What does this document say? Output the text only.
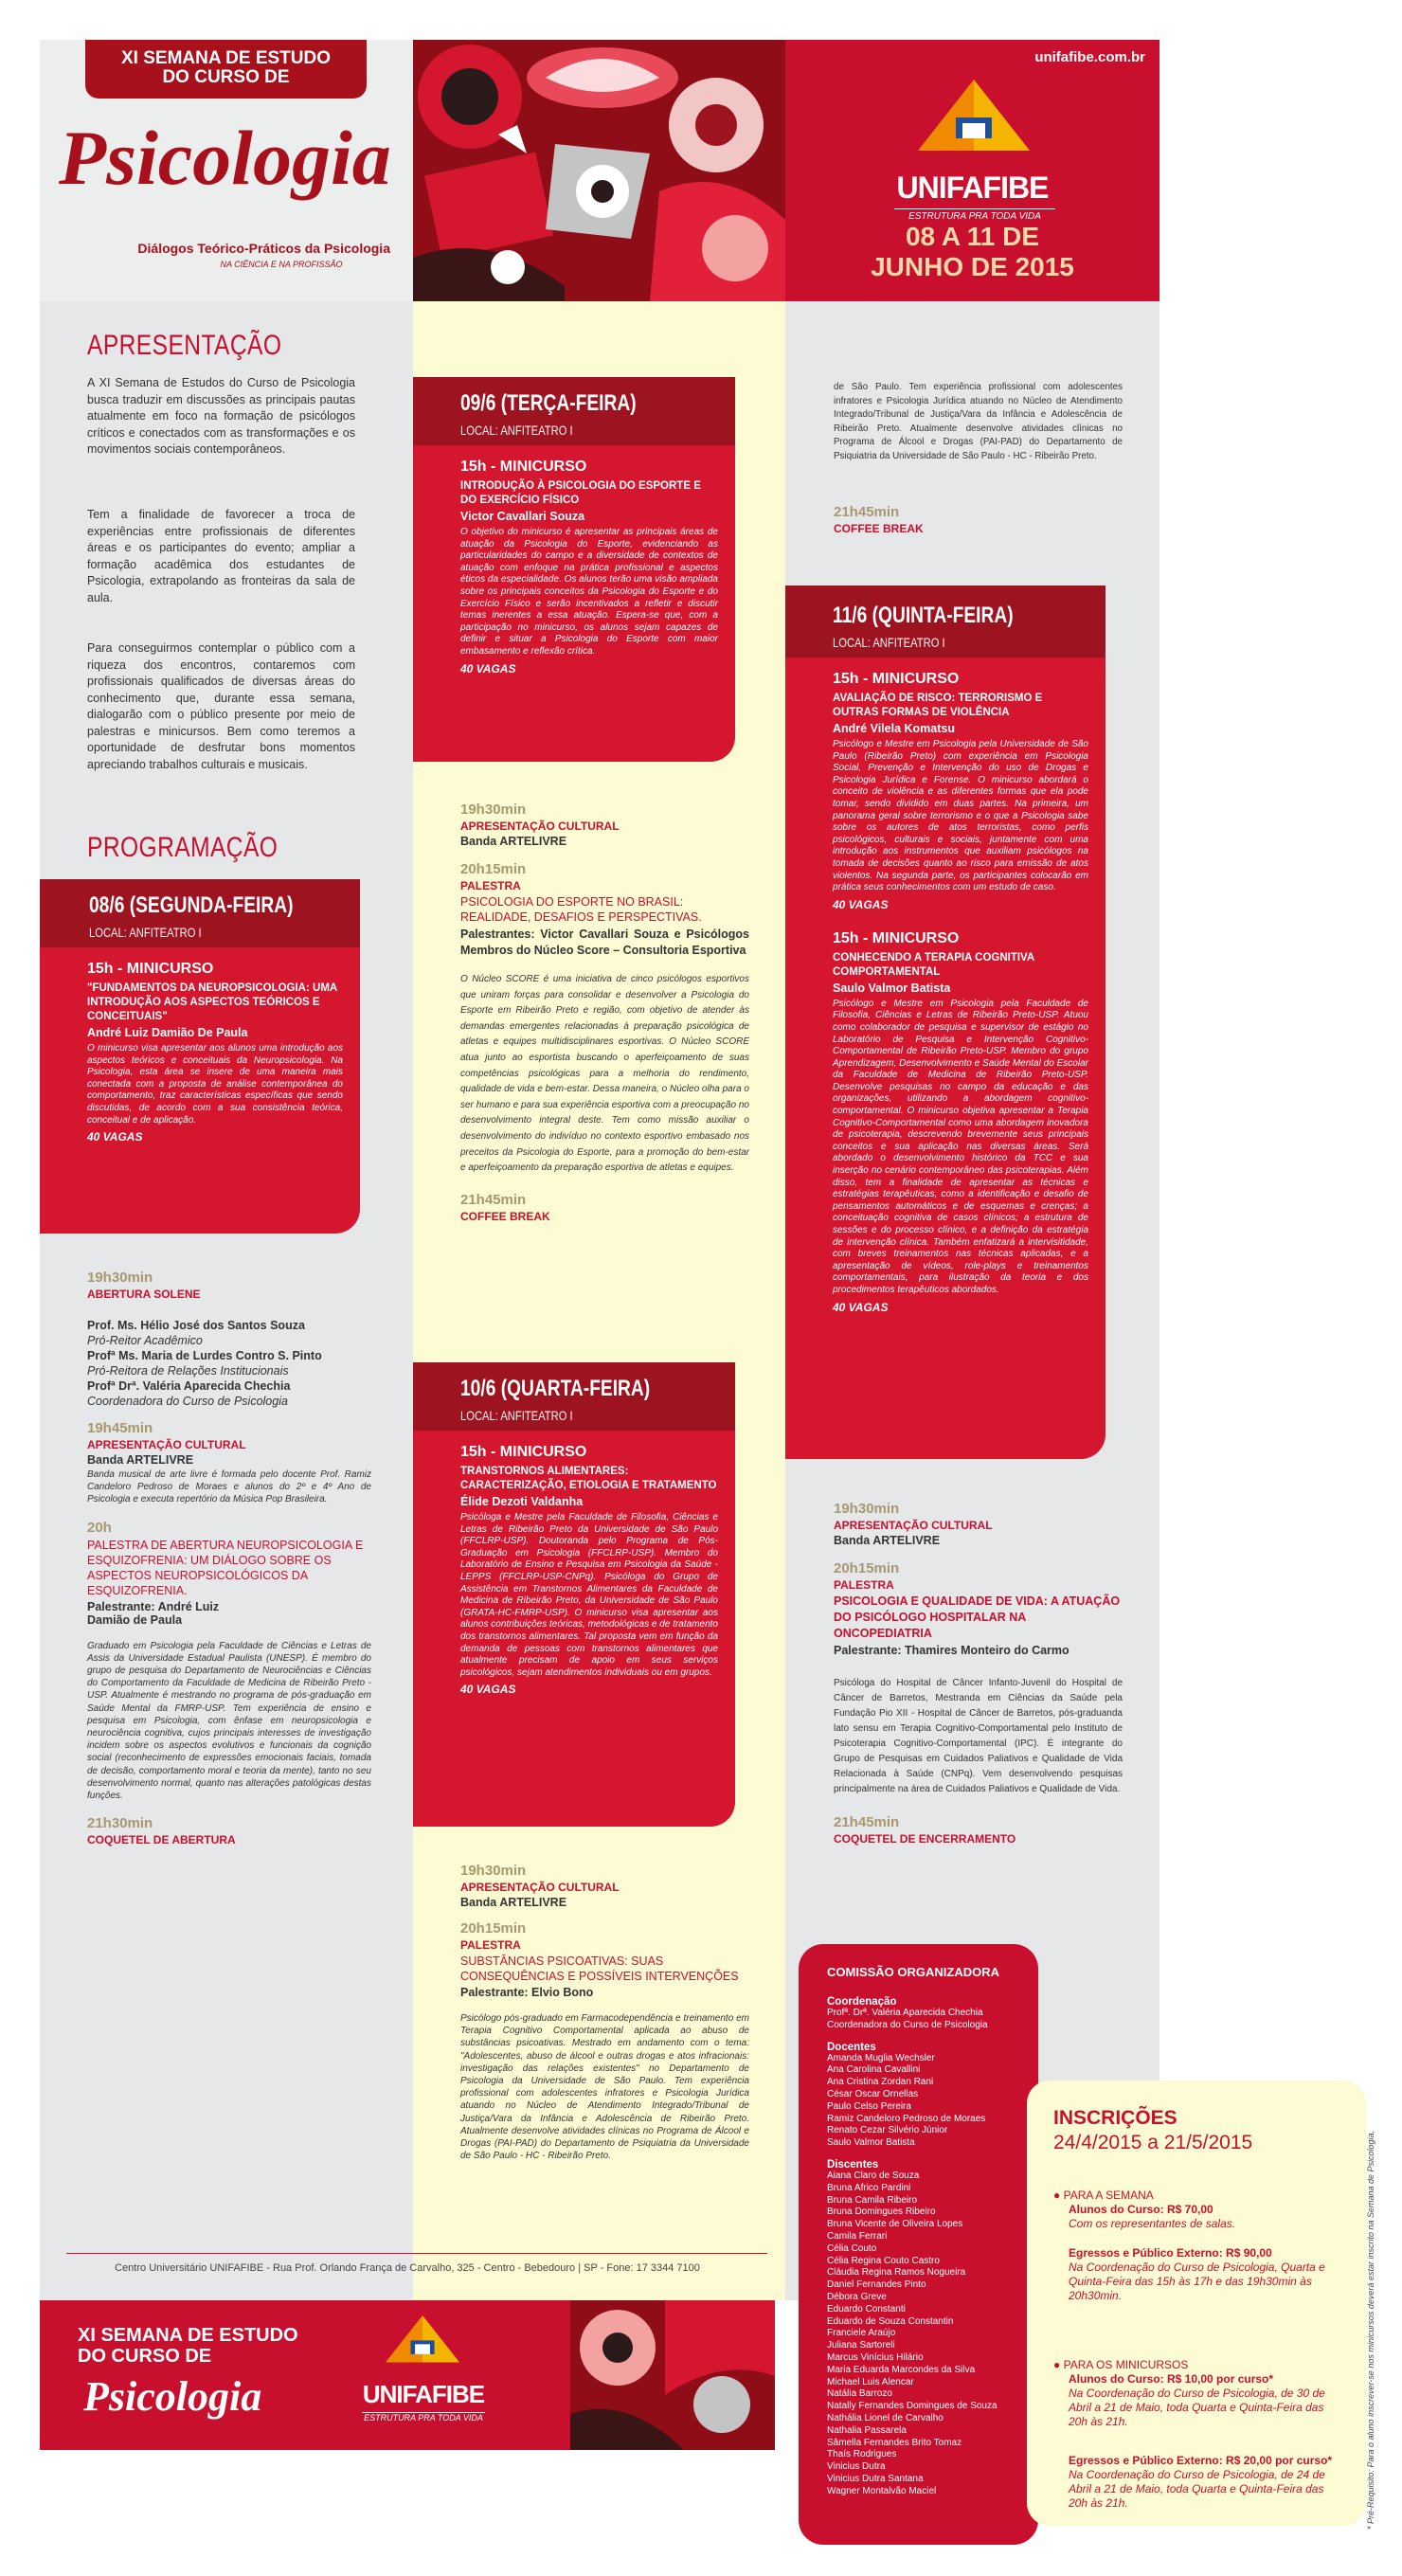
XI SEMANA DE ESTUDO
DO CURSO DE
Psicologia
Diálogos Teórico-Práticos da Psicologia
NA CIÊNCIA E NA PROFISSÃO
unifafibe.com.br
UNIFAFIBE
ESTRUTURA PRA TODA VIDA
08 A 11 DE
JUNHO DE 2015
APRESENTAÇÃO
A XI Semana de Estudos do Curso de Psicologia busca traduzir em discussões as principais pautas atualmente em foco na formação de psicólogos críticos e conectados com as transformações e os movimentos sociais contemporâneos.
Tem a finalidade de favorecer a troca de experiências entre profissionais de diferentes áreas e os participantes do evento; ampliar a formação acadêmica dos estudantes de Psicologia, extrapolando as fronteiras da sala de aula.
Para conseguirmos contemplar o público com a riqueza dos encontros, contaremos com profissionais qualificados de diversas áreas do conhecimento que, durante essa semana, dialogarão com o público presente por meio de palestras e minicursos. Bem como teremos a oportunidade de desfrutar bons momentos apreciando trabalhos culturais e musicais.
PROGRAMAÇÃO
08/6 (SEGUNDA-FEIRA)
LOCAL: ANFITEATRO I
15h - MINICURSO
"FUNDAMENTOS DA NEUROPSICOLOGIA: UMA INTRODUÇÃO AOS ASPECTOS TEÓRICOS E CONCEITUAIS"
André Luiz Damião De Paula
O minicurso visa apresentar aos alunos uma introdução aos aspectos teóricos e conceituais da Neuropsicologia. Na Psicologia, esta área se insere de uma maneira mais conectada com a proposta de análise contemporânea do comportamento, traz características específicas que sendo discutidas, de acordo com a sua consistência teórica, conceitual e de aplicação.
40 VAGAS
19h30min
ABERTURA SOLENE
Prof. Ms. Hélio José dos Santos Souza
Pró-Reitor Acadêmico
Profª Ms. Maria de Lurdes Contro S. Pinto
Pró-Reitora de Relações Institucionais
Profª Drª. Valéria Aparecida Chechia
Coordenadora do Curso de Psicologia
19h45min
APRESENTAÇÃO CULTURAL
Banda ARTELIVRE
Banda musical de arte livre é formada pelo docente Prof. Ramiz Candeloro Pedroso de Moraes e alunos do 2º e 4º Ano de Psicologia e executa repertório da Música Pop Brasileira.
20h
PALESTRA DE ABERTURA NEUROPSICOLOGIA E ESQUIZOFRENIA: UM DIÁLOGO SOBRE OS ASPECTOS NEUROPSICOLÓGICOS DA ESQUIZOFRENIA.
Palestrante: André Luiz Damião de Paula
Graduado em Psicologia pela Faculdade de Ciências e Letras de Assis da Universidade Estadual Paulista (UNESP). É membro do grupo de pesquisa do Departamento de Neurociências e Ciências do Comportamento da Faculdade de Medicina de Ribeirão Preto - USP. Atualmente é mestrando no programa de pós-graduação em Saúde Mental da FMRP-USP. Tem experiência de ensino e pesquisa em Psicologia, com ênfase em neuropsicologia e neurociência cognitiva, cujos principais interesses de investigação incidem sobre os aspectos evolutivos e funcionais da cognição social (reconhecimento de expressões emocionais faciais, tomada de decisão, comportamento moral e teoria da mente), tanto no seu desenvolvimento normal, quanto nas alterações patológicas destas funções.
21h30min
COQUETEL DE ABERTURA
09/6 (TERÇA-FEIRA)
LOCAL: ANFITEATRO I
15h - MINICURSO
INTRODUÇÃO À PSICOLOGIA DO ESPORTE E DO EXERCÍCIO FÍSICO
Victor Cavallari Souza
O objetivo do minicurso é apresentar as principais áreas de atuação da Psicologia do Esporte, evidenciando as particularidades do campo e a diversidade de contextos de atuação com enfoque na prática profissional e aspectos éticos da especialidade. Os alunos terão uma visão ampliada sobre os principais conceitos da Psicologia do Esporte e do Exercício Físico e serão incentivados a refletir e discutir temas inerentes a essa atuação. Espera-se que, com a participação no minicurso, os alunos sejam capazes de definir e situar a Psicologia do Esporte com maior embasamento e reflexão crítica.
40 VAGAS
19h30min
APRESENTAÇÃO CULTURAL
Banda ARTELIVRE
20h15min
PALESTRA
PSICOLOGIA DO ESPORTE NO BRASIL: REALIDADE, DESAFIOS E PERSPECTIVAS.
Palestrantes: Victor Cavallari Souza e Psicólogos Membros do Núcleo Score – Consultoria Esportiva
O Núcleo SCORE é uma iniciativa de cinco psicólogos esportivos que uniram forças para consolidar e desenvolver a Psicologia do Esporte em Ribeirão Preto e região, com objetivo de atender às demandas emergentes relacionadas à preparação psicológica de atletas e equipes multidisciplinares esportivas. O Núcleo SCORE atua junto ao esportista buscando o aperfeiçoamento de suas competências psicológicas para a melhoria do rendimento, qualidade de vida e bem-estar. Dessa maneira, o Núcleo olha para o ser humano e para sua experiência esportiva com a preocupação no desenvolvimento integral deste. Tem como missão auxiliar o desenvolvimento do indivíduo no contexto esportivo embasado nos preceitos da Psicologia do Esporte, para a promoção do bem-estar e aperfeiçoamento da preparação esportiva de atletas e equipes.
21h45min
COFFEE BREAK
10/6 (QUARTA-FEIRA)
LOCAL: ANFITEATRO I
15h - MINICURSO
TRANSTORNOS ALIMENTARES: CARACTERIZAÇÃO, ETIOLOGIA E TRATAMENTO
Élide Dezoti Valdanha
Psicóloga e Mestre pela Faculdade de Filosofia, Ciências e Letras de Ribeirão Preto da Universidade de São Paulo (FFCLRP-USP). Doutoranda pelo Programa de Pós-Graduação em Psicologia (FFCLRP-USP). Membro do Laboratório de Ensino e Pesquisa em Psicologia da Saúde - LEPPS (FFCLRP-USP-CNPq). Psicóloga do Grupo de Assistência em Transtornos Alimentares da Faculdade de Medicina de Ribeirão Preto, da Universidade de São Paulo (GRATA-HC-FMRP-USP). O minicurso visa apresentar aos alunos contribuições teóricas, metodológicas e de tratamento dos transtornos alimentares. Tal proposta vem em função da demanda de pessoas com transtornos alimentares que atualmente precisam de apoio em seus serviços psicológicos, sejam atendimentos individuais ou em grupos.
40 VAGAS
19h30min
APRESENTAÇÃO CULTURAL
Banda ARTELIVRE
20h15min
PALESTRA
SUBSTÂNCIAS PSICOATIVAS: SUAS CONSEQUÊNCIAS E POSSÍVEIS INTERVENÇÕES
Palestrante: Elvio Bono
Psicólogo pós-graduado em Farmacodependência e treinamento em Terapia Cognitivo Comportamental aplicada ao abuso de substâncias psicoativas. Mestrado em andamento com o tema: "Adolescentes, abuso de álcool e outras drogas e atos infracionais: investigação das relações existentes" no Departamento de Psicologia da Universidade de São Paulo. Tem experiência profissional com adolescentes infratores e Psicologia Jurídica atuando no Núcleo de Atendimento Integrado/Tribunal de Justiça/Vara da Infância e Adolescência de Ribeirão Preto. Atualmente desenvolve atividades clínicas no Programa de Álcool e Drogas (PAI-PAD) do Departamento de Psiquiatria da Universidade de São Paulo - HC - Ribeirão Preto.
de São Paulo. Tem experiência profissional com adolescentes infratores e Psicologia Jurídica atuando no Núcleo de Atendimento Integrado/Tribunal de Justiça/Vara da Infância e Adolescência de Ribeirão Preto. Atualmente desenvolve atividades clínicas no Programa de Álcool e Drogas (PAI-PAD) do Departamento de Psiquiatria da Universidade de São Paulo - HC - Ribeirão Preto.
21h45min
COFFEE BREAK
11/6 (QUINTA-FEIRA)
LOCAL: ANFITEATRO I
15h - MINICURSO
AVALIAÇÃO DE RISCO: TERRORISMO E OUTRAS FORMAS DE VIOLÊNCIA
André Vilela Komatsu
Psicólogo e Mestre em Psicologia pela Universidade de São Paulo (Ribeirão Preto) com experiência em Psicologia Social, Prevenção e Intervenção do uso de Drogas e Psicologia Jurídica e Forense. O minicurso abordará o conceito de violência e as diferentes formas que ela pode tomar, sendo dividido em duas partes. Na primeira, um panorama geral sobre terrorismo e o que a Psicologia sabe sobre os autores de atos terroristas, como perfis psicológicos, culturais e sociais, juntamente com uma introdução aos instrumentos que auxiliam psicólogos na tomada de decisões quanto ao risco para emissão de atos violentos. Na segunda parte, os participantes colocarão em prática seus conhecimentos com um estudo de caso.
40 VAGAS
15h - MINICURSO
CONHECENDO A TERAPIA COGNITIVA COMPORTAMENTAL
Saulo Valmor Batista
Psicólogo e Mestre em Psicologia pela Faculdade de Filosofia, Ciências e Letras de Ribeirão Preto-USP. Atuou como colaborador de pesquisa e supervisor de estágio no Laboratório de Pesquisa e Intervenção Cognitivo-Comportamental de Ribeirão Preto-USP. Membro do grupo Aprendizagem, Desenvolvimento e Saúde Mental do Escolar da Faculdade de Medicina de Ribeirão Preto-USP. Desenvolve pesquisas no campo da educação e das organizações, utilizando a abordagem cognitivo-comportamental. O minicurso objetiva apresentar a Terapia Cognitivo-Comportamental como uma abordagem inovadora de psicoterapia, descrevendo brevemente seus principais conceitos e sua aplicação nas diversas áreas. Será abordado o desenvolvimento histórico da TCC e sua inserção no cenário contemporâneo das psicoterapias. Além disso, tem a finalidade de apresentar as técnicas e estratégias terapêuticas, como a identificação e desafio de pensamentos automáticos e de esquemas e crenças; a conceituação cognitiva de casos clínicos; a estrutura de sessões e do processo clínico, e a definição da estratégia de intervenção clínica. Também enfatizará a intervisitidade, com breves treinamentos nas técnicas aplicadas, e a apresentação de vídeos, role-plays e treinamentos comportamentais, para ilustração da teoria e dos procedimentos terapêuticos abordados.
40 VAGAS
19h30min
APRESENTAÇÃO CULTURAL
Banda ARTELIVRE
20h15min
PALESTRA
PSICOLOGIA E QUALIDADE DE VIDA: A ATUAÇÃO DO PSICÓLOGO HOSPITALAR NA ONCOPEDIATRIA
Palestrante: Thamires Monteiro do Carmo
Psicóloga do Hospital de Câncer Infanto-Juvenil do Hospital de Câncer de Barretos, Mestranda em Ciências da Saúde pela Fundação Pio XII - Hospital de Câncer de Barretos, pós-graduanda lato sensu em Terapia Cognitivo-Comportamental pelo Instituto de Psicoterapia Cognitivo-Comportamental (IPC). É integrante do Grupo de Pesquisas em Cuidados Paliativos e Qualidade de Vida Relacionada à Saúde (CNPq). Vem desenvolvendo pesquisas principalmente na área de Cuidados Paliativos e Qualidade de Vida.
21h45min
COQUETEL DE ENCERRAMENTO
Centro Universitário UNIFAFIBE - Rua Prof. Orlando França de Carvalho, 325 - Centro - Bebedouro | SP - Fone: 17 3344 7100
XI SEMANA DE ESTUDO
DO CURSO DE
Psicologia	UNIFAFIBE
ESTRUTURA PRA TODA VIDA
COMISSÃO ORGANIZADORA
Coordenação
Profª. Drª. Valéria Aparecida Chechia
Coordenadora do Curso de Psicologia
Docentes
Amanda Muglia Wechsler
Ana Carolina Cavallini
Ana Cristina Zordan Rani
César Oscar Ornellas
Paulo Celso Pereira
Ramiz Candeloro Pedroso de Moraes
Renato Cezar Silvério Júnior
Saulo Valmor Batista
Discentes
Aiana Claro de Souza
Bruna Africo Pardini
Bruna Camila Ribeiro
Bruna Domingues Ribeiro
Bruna Vicente de Oliveira Lopes
Camila Ferrari
Célia Couto
Célia Regina Couto Castro
Cláudia Regina Ramos Nogueira
Daniel Fernandes Pinto
Débora Greve
Eduardo Constanti
Eduardo de Souza Constantin
Franciele Araújo
Juliana Sartoreli
Marcus Vinícius Hilário
Maria Eduarda Marcondes da Silva
Michael Luis Alencar
Natália Barrozo
Natally Fernandes Domingues de Souza
Nathália Lionel de Carvalho
Nathalia Passarela
Sâmella Fernandes Brito Tomaz
Thaís Rodrigues
Vinicius Dutra
Vinicius Dutra Santana
Wagner Montalvão Maciel
INSCRIÇÕES
24/4/2015 a 21/5/2015
● PARA A SEMANA
Alunos do Curso: R$ 70,00
Com os representantes de salas.
Egressos e Público Externo: R$ 90,00
Na Coordenação do Curso de Psicologia, Quarta e Quinta-Feira das 15h às 17h e das 19h30min às 20h30min.
● PARA OS MINICURSOS
Alunos do Curso: R$ 10,00 por curso*
Na Coordenação do Curso de Psicologia, de 30 de Abril a 21 de Maio, toda Quarta e Quinta-Feira das 20h às 21h.
Egressos e Público Externo: R$ 20,00 por curso*
Na Coordenação do Curso de Psicologia, de 24 de Abril a 21 de Maio, toda Quarta e Quinta-Feira das 20h às 21h.	* Pré-Requisito: Para o aluno inscrever-se nos minicursos deverá estar inscrito na Semana de Psicologia.
